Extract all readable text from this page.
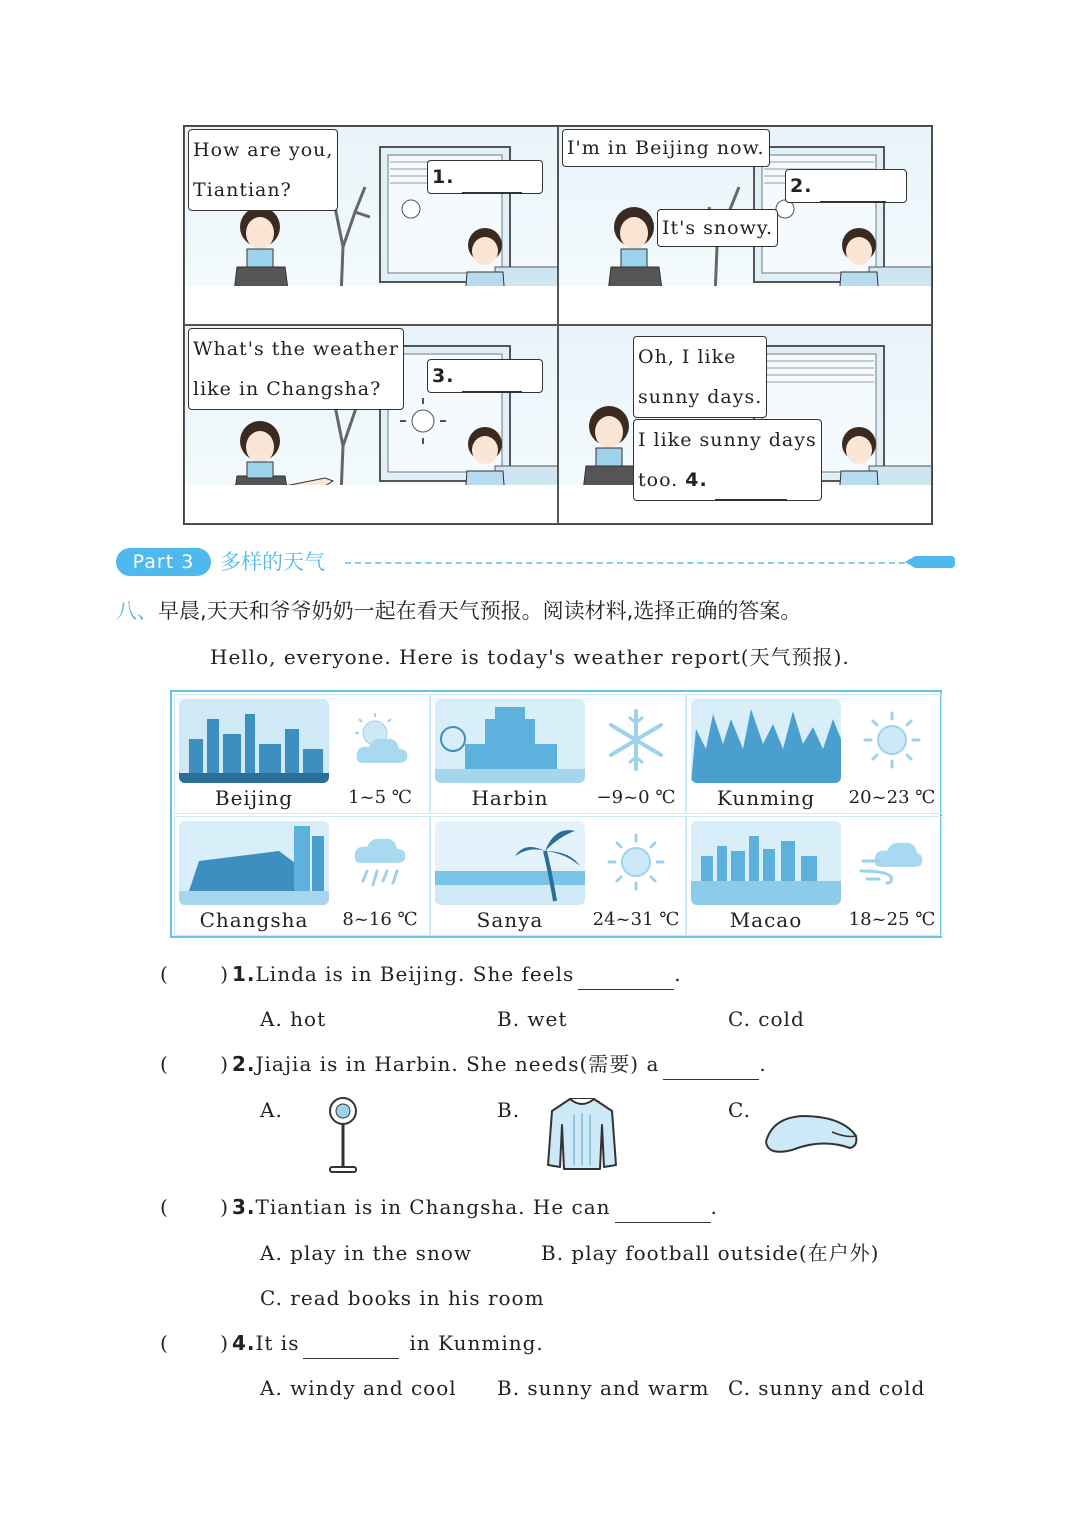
How are you,
Tiantian?
1.
I'm in Beijing now.
It's snowy.
2.
What's the weather
like in Changsha?
3.
Oh, I like
sunny days.
I like sunny days
too. 4.
Part 3	多样的天气
八、早晨,天天和爷爷奶奶一起在看天气预报。阅读材料,选择正确的答案。
Hello, everyone. Here is today's weather report(天气预报).
Beijing	1~5 ℃	Harbin	−9~0 ℃	Kunming	20~23 ℃
Changsha	8~16 ℃	Sanya	24~31 ℃	Macao	18~25 ℃
(       ) 1.Linda is in Beijing. She feels	.
A. hot	B. wet	C. cold
(       ) 2.Jiajia is in Harbin. She needs(需要) a	.
A.	B.	C.
(       ) 3.Tiantian is in Changsha. He can	.
A. play in the snow	B. play football outside(在户外)
C. read books in his room
(       ) 4.It is	in Kunming.
A. windy and cool B. sunny and warm C. sunny and cold
